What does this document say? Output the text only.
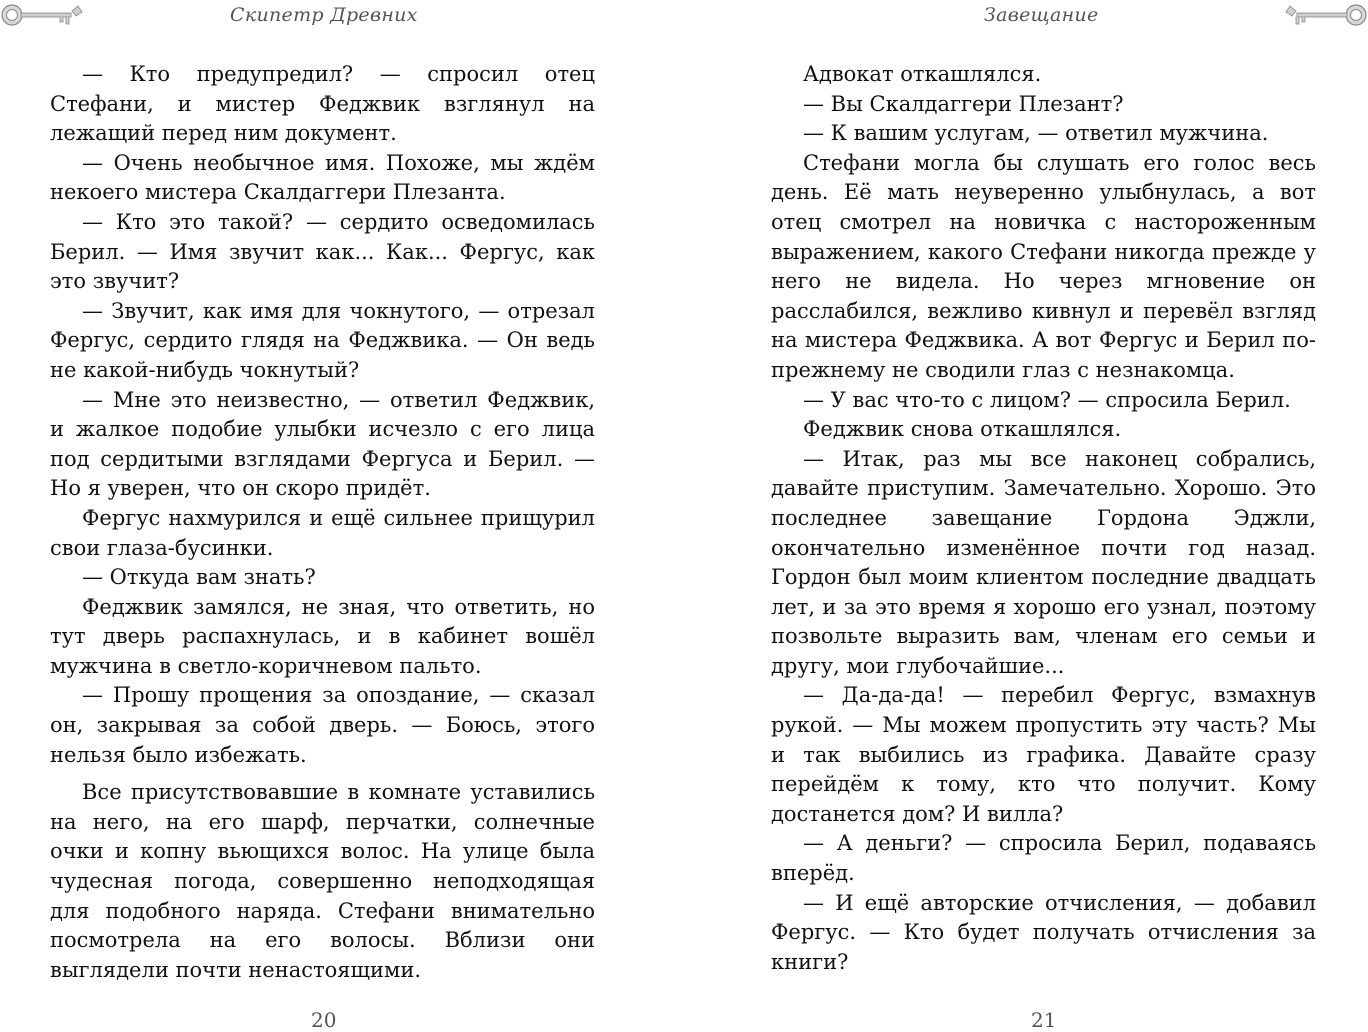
Скипетр Древних

— Кто предупредил? — спросил отец Стефани, и мистер Феджвик взглянул на лежащий перед ним документ.

— Очень необычное имя. Похоже, мы ждём некоего мистера Скалдаггери Плезанта.

— Кто это такой? — сердито осведомилась Берил. — Имя звучит как... Как... Фергус, как это звучит?

— Звучит, как имя для чокнутого, — отрезал Фергус, сердито глядя на Феджвика. — Он ведь не какой-нибудь чокнутый?

— Мне это неизвестно, — ответил Феджвик, и жалкое подобие улыбки исчезло с его лица под сердитыми взглядами Фергуса и Берил. — Но я уверен, что он скоро придёт.

Фергус нахмурился и ещё сильнее прищурил свои глаза-бусинки.

— Откуда вам знать?

Феджвик замялся, не зная, что ответить, но тут дверь распахнулась, и в кабинет вошёл мужчина в светло-коричневом пальто.

— Прошу прощения за опоздание, — сказал он, закрывая за собой дверь. — Боюсь, этого нельзя было избежать.

Все присутствовавшие в комнате уставились на него, на его шарф, перчатки, солнечные очки и копну вьющихся волос. На улице была чудесная погода, совершенно неподходящая для подобного наряда. Стефани внимательно посмотрела на его волосы. Вблизи они выглядели почти ненастоящими.

20
Завещание

Адвокат откашлялся.

— Вы Скалдаггери Плезант?

— К вашим услугам, — ответил мужчина.

Стефани могла бы слушать его голос весь день. Её мать неуверенно улыбнулась, а вот отец смотрел на новичка с настороженным выражением, какого Стефани никогда прежде у него не видела. Но через мгновение он расслабился, вежливо кивнул и перевёл взгляд на мистера Феджвика. А вот Фергус и Берил по-прежнему не сводили глаз с незнакомца.

— У вас что-то с лицом? — спросила Берил.

Феджвик снова откашлялся.

— Итак, раз мы все наконец собрались, давайте приступим. Замечательно. Хорошо. Это последнее завещание Гордона Эджли, окончательно изменённое почти год назад. Гордон был моим клиентом последние двадцать лет, и за это время я хорошо его узнал, поэтому позвольте выразить вам, членам его семьи и другу, мои глубочайшие...

— Да-да-да! — перебил Фергус, взмахнув рукой. — Мы можем пропустить эту часть? Мы и так выбились из графика. Давайте сразу перейдём к тому, кто что получит. Кому достанется дом? И вилла?

— А деньги? — спросила Берил, подаваясь вперёд.

— И ещё авторские отчисления, — добавил Фергус. — Кто будет получать отчисления за книги?

21
